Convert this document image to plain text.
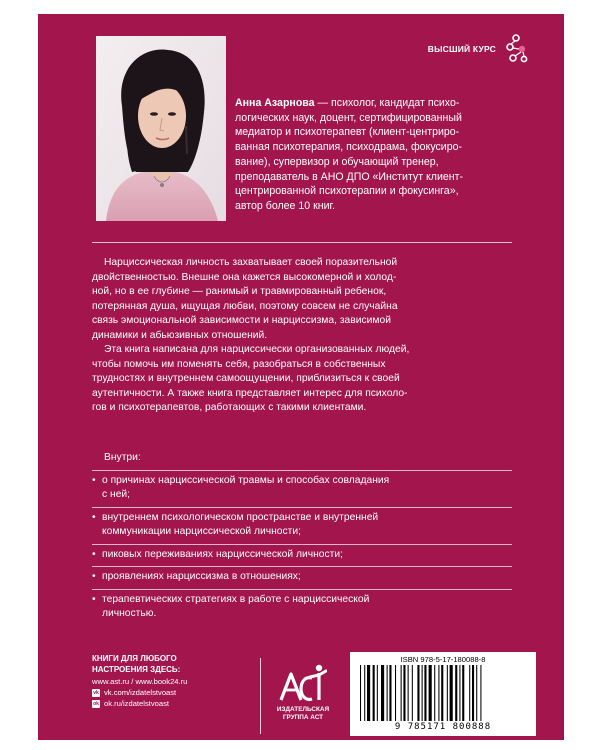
ВЫСШИЙ КУРС
Анна Азарнова — психолог, кандидат психо-
логических наук, доцент, сертифицированный
медиатор и психотерапевт (клиент-центриро-
ванная психотерапия, психодрама, фокусиро-
вание), супервизор и обучающий тренер,
преподаватель в АНО ДПО «Институт клиент-
центрированной психотерапии и фокусинга»,
автор более 10 книг.

Нарциссическая личность захватывает своей поразительной
двойственностью. Внешне она кажется высокомерной и холод-
ной, но в ее глубине — ранимый и травмированный ребенок,
потерянная душа, ищущая любви, поэтому совсем не случайна
связь эмоциональной зависимости и нарциссизма, зависимой
динамики и абьюзивных отношений.

Эта книга написана для нарциссически организованных людей,
чтобы помочь им поменять себя, разобраться в собственных
трудностях и внутреннем самоощущении, приблизиться к своей
аутентичности. А также книга представляет интерес для психоло-
гов и психотерапевтов, работающих с такими клиентами.

Внутри:
• о причинах нарциссической травмы и способах совладания
с ней;
• внутреннем психологическом пространстве и внутренней
коммуникации нарциссической личности;
• пиковых переживаниях нарциссической личности;
• проявлениях нарциссизма в отношениях;
• терапевтических стратегиях в работе с нарциссической
личностью.
КНИГИ ДЛЯ ЛЮБОГО
НАСТРОЕНИЯ ЗДЕСЬ:
www.ast.ru / www.book24.ru
vk vk.com/izdatelstvoast
ok ok.ru/izdatelstvoast
ИЗДАТЕЛЬСКАЯ
ГРУППА АСТ
ISBN 978-5-17-180088-8
9 785171 800888
